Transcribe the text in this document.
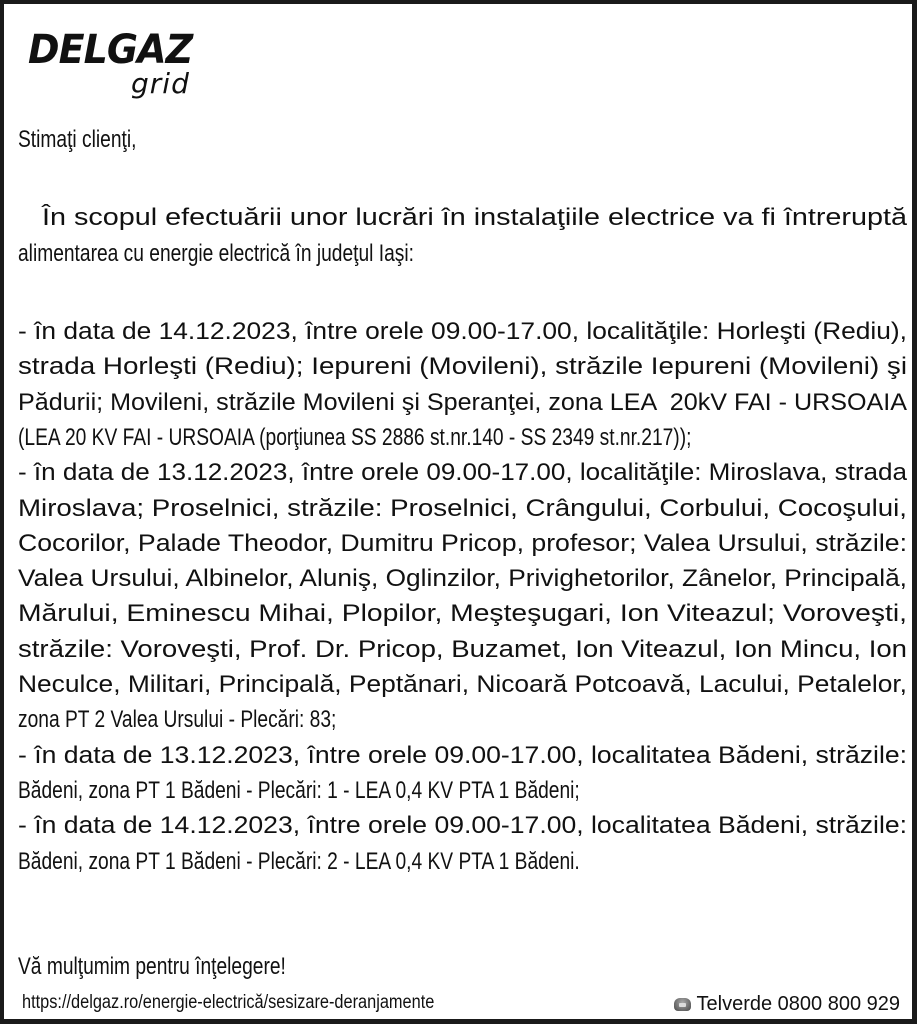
DELGAZ
grid
Stimaţi clienţi,
În scopul efectuării unor lucrări în instalaţiile electrice va fi întreruptă
alimentarea cu energie electrică în judeţul Iaşi:
- în data de 14.12.2023, între orele 09.00-17.00, localităţile: Horleşti (Rediu),
strada Horleşti (Rediu); Iepureni (Movileni), străzile Iepureni (Movileni) şi
Pădurii; Movileni, străzile Movileni şi Speranţei, zona LEA  20kV FAI - URSOAIA
(LEA 20 KV FAI - URSOAIA (porţiunea SS 2886 st.nr.140 - SS 2349 st.nr.217));
- în data de 13.12.2023, între orele 09.00-17.00, localităţile: Miroslava, strada
Miroslava; Proselnici, străzile: Proselnici, Crângului, Corbului, Cocoşului,
Cocorilor, Palade Theodor, Dumitru Pricop, profesor; Valea Ursului, străzile:
Valea Ursului, Albinelor, Aluniş, Oglinzilor, Privighetorilor, Zânelor, Principală,
Mărului, Eminescu Mihai, Plopilor, Meşteşugari, Ion Viteazul; Voroveşti,
străzile: Voroveşti, Prof. Dr. Pricop, Buzamet, Ion Viteazul, Ion Mincu, Ion
Neculce, Militari, Principală, Peptănari, Nicoară Potcoavă, Lacului, Petalelor,
zona PT 2 Valea Ursului - Plecări: 83;
- în data de 13.12.2023, între orele 09.00-17.00, localitatea Bădeni, străzile:
Bădeni, zona PT 1 Bădeni - Plecări: 1 - LEA 0,4 KV PTA 1 Bădeni;
- în data de 14.12.2023, între orele 09.00-17.00, localitatea Bădeni, străzile:
Bădeni, zona PT 1 Bădeni - Plecări: 2 - LEA 0,4 KV PTA 1 Bădeni.
Vă mulţumim pentru înţelegere!
https://delgaz.ro/energie-electrică/sesizare-deranjamente	Telverde 0800 800 929
